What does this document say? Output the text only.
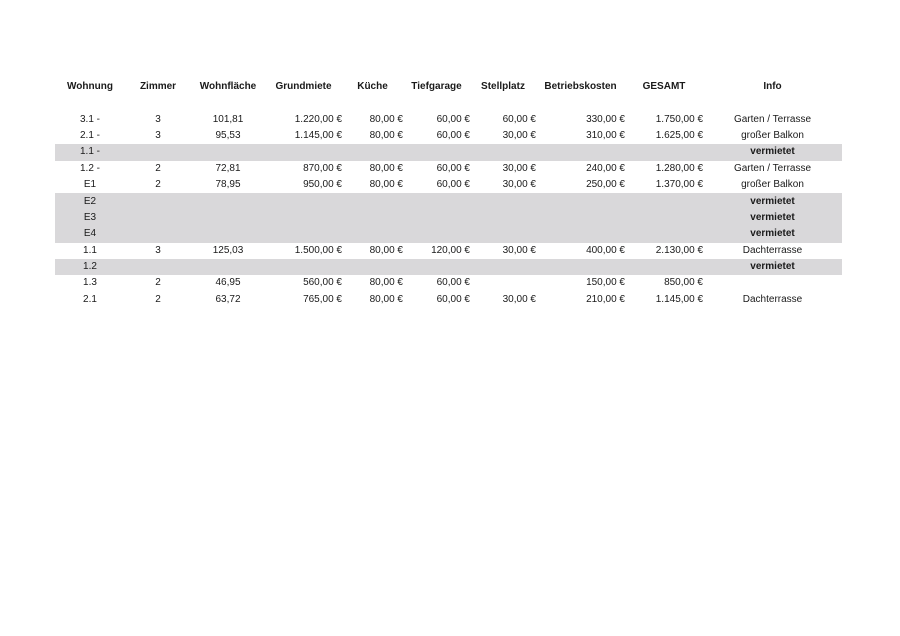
Wohnung	Zimmer	Wohnfläche	Grundmiete	Küche	Tiefgarage	Stellplatz	Betriebskosten	GESAMT	Info

3.1 -	3	101,81	1.220,00 €	80,00 €	60,00 €	60,00 €	330,00 €	1.750,00 €	Garten / Terrasse
2.1 -	3	95,53	1.145,00 €	80,00 €	60,00 €	30,00 €	310,00 €	1.625,00 €	großer Balkon
1.1 -									vermietet
1.2 -	2	72,81	870,00 €	80,00 €	60,00 €	30,00 €	240,00 €	1.280,00 €	Garten / Terrasse
E1	2	78,95	950,00 €	80,00 €	60,00 €	30,00 €	250,00 €	1.370,00 €	großer Balkon
E2									vermietet
E3									vermietet
E4									vermietet
1.1	3	125,03	1.500,00 €	80,00 €	120,00 €	30,00 €	400,00 €	2.130,00 €	Dachterrasse
1.2									vermietet
1.3	2	46,95	560,00 €	80,00 €	60,00 €		150,00 €	850,00 €	
2.1	2	63,72	765,00 €	80,00 €	60,00 €	30,00 €	210,00 €	1.145,00 €	Dachterrasse
